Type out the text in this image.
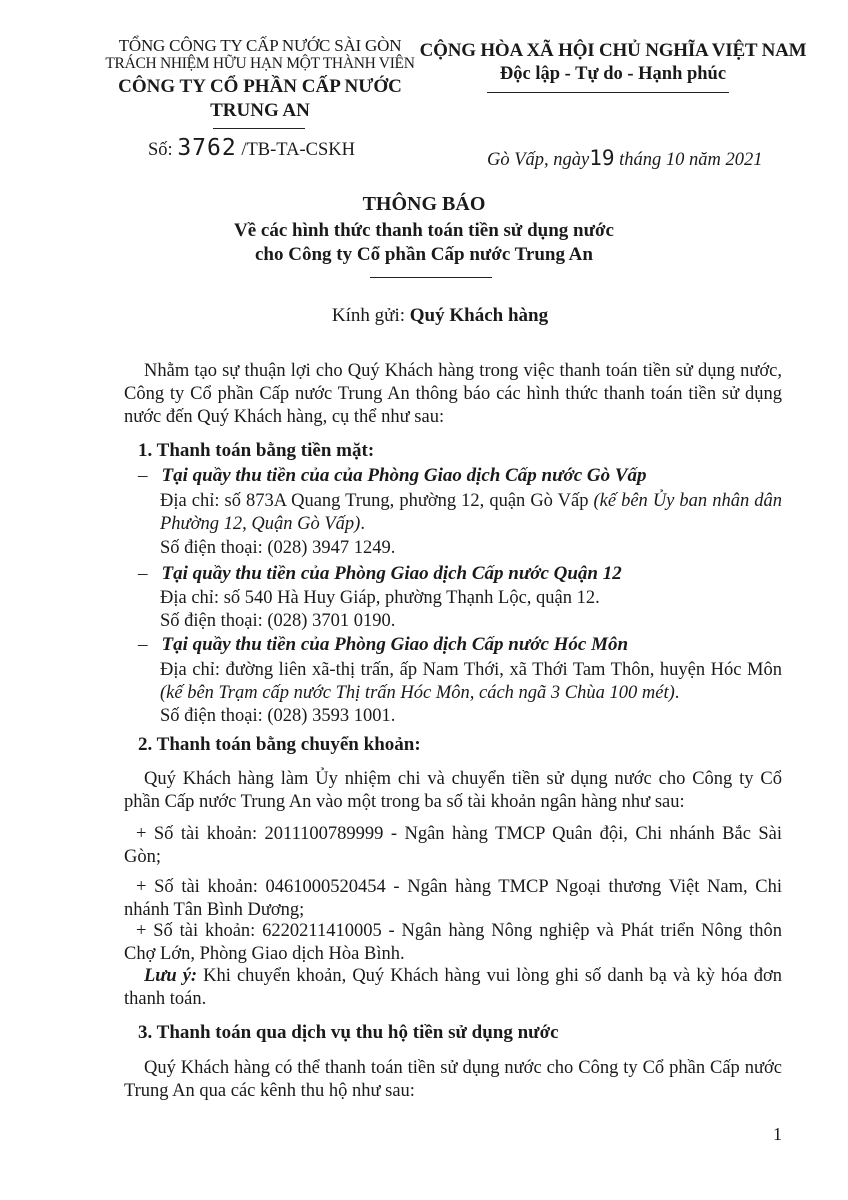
TỔNG CÔNG TY CẤP NƯỚC SÀI GÒN
TRÁCH NHIỆM HỮU HẠN MỘT THÀNH VIÊN
CÔNG TY CỔ PHẦN CẤP NƯỚC
TRUNG AN
CỘNG HÒA XÃ HỘI CHỦ NGHĨA VIỆT NAM
Độc lập - Tự do - Hạnh phúc
Số: 3762 /TB-TA-CSKH	Gò Vấp, ngày19 tháng 10 năm 2021
THÔNG BÁO
Về các hình thức thanh toán tiền sử dụng nước
cho Công ty Cổ phần Cấp nước Trung An
Kính gửi: Quý Khách hàng
Nhằm tạo sự thuận lợi cho Quý Khách hàng trong việc thanh toán tiền sử dụng nước, Công ty Cổ phần Cấp nước Trung An thông báo các hình thức thanh toán tiền sử dụng nước đến Quý Khách hàng, cụ thể như sau:
1. Thanh toán bằng tiền mặt:
– Tại quầy thu tiền của của Phòng Giao dịch Cấp nước Gò Vấp
Địa chỉ: số 873A Quang Trung, phường 12, quận Gò Vấp (kế bên Ủy ban nhân dân Phường 12, Quận Gò Vấp).
Số điện thoại: (028) 3947 1249.
– Tại quầy thu tiền của Phòng Giao dịch Cấp nước Quận 12
Địa chỉ: số 540 Hà Huy Giáp, phường Thạnh Lộc, quận 12.
Số điện thoại: (028) 3701 0190.
– Tại quầy thu tiền của Phòng Giao dịch Cấp nước Hóc Môn
Địa chỉ: đường liên xã-thị trấn, ấp Nam Thới, xã Thới Tam Thôn, huyện Hóc Môn (kế bên Trạm cấp nước Thị trấn Hóc Môn, cách ngã 3 Chùa 100 mét).
Số điện thoại: (028) 3593 1001.
2. Thanh toán bằng chuyển khoản:
Quý Khách hàng làm Ủy nhiệm chi và chuyển tiền sử dụng nước cho Công ty Cổ phần Cấp nước Trung An vào một trong ba số tài khoản ngân hàng như sau:
+ Số tài khoản: 2011100789999 - Ngân hàng TMCP Quân đội, Chi nhánh Bắc Sài Gòn;
+ Số tài khoản: 0461000520454 - Ngân hàng TMCP Ngoại thương Việt Nam, Chi nhánh Tân Bình Dương;
+ Số tài khoản: 6220211410005 - Ngân hàng Nông nghiệp và Phát triển Nông thôn Chợ Lớn, Phòng Giao dịch Hòa Bình.
Lưu ý: Khi chuyển khoản, Quý Khách hàng vui lòng ghi số danh bạ và kỳ hóa đơn thanh toán.
3. Thanh toán qua dịch vụ thu hộ tiền sử dụng nước
Quý Khách hàng có thể thanh toán tiền sử dụng nước cho Công ty Cổ phần Cấp nước Trung An qua các kênh thu hộ như sau:
1
